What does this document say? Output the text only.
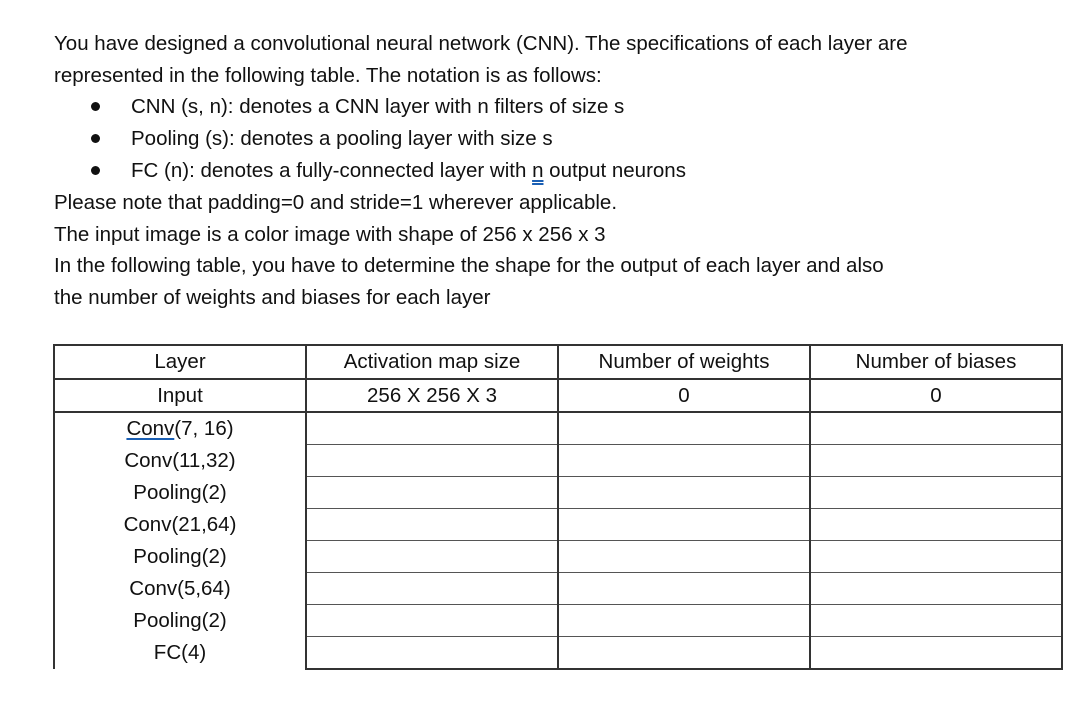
You have designed a convolutional neural network (CNN). The specifications of each layer are

represented in the following table. The notation is as follows:

CNN (s, n): denotes a CNN layer with n filters of size s
Pooling (s): denotes a pooling layer with size s
FC (n): denotes a fully-connected layer with n output neurons

Please note that padding=0 and stride=1 wherever applicable.

The input image is a color image with shape of 256 x 256 x 3

In the following table, you have to determine the shape for the output of each layer and also

the number of weights and biases for each layer

Layer	Activation map size	Number of weights	Number of biases
Input	256 X 256 X 3	0	0
Conv(7, 16)			
Conv(11,32)			
Pooling(2)			
Conv(21,64)			
Pooling(2)			
Conv(5,64)			
Pooling(2)			
FC(4)			
